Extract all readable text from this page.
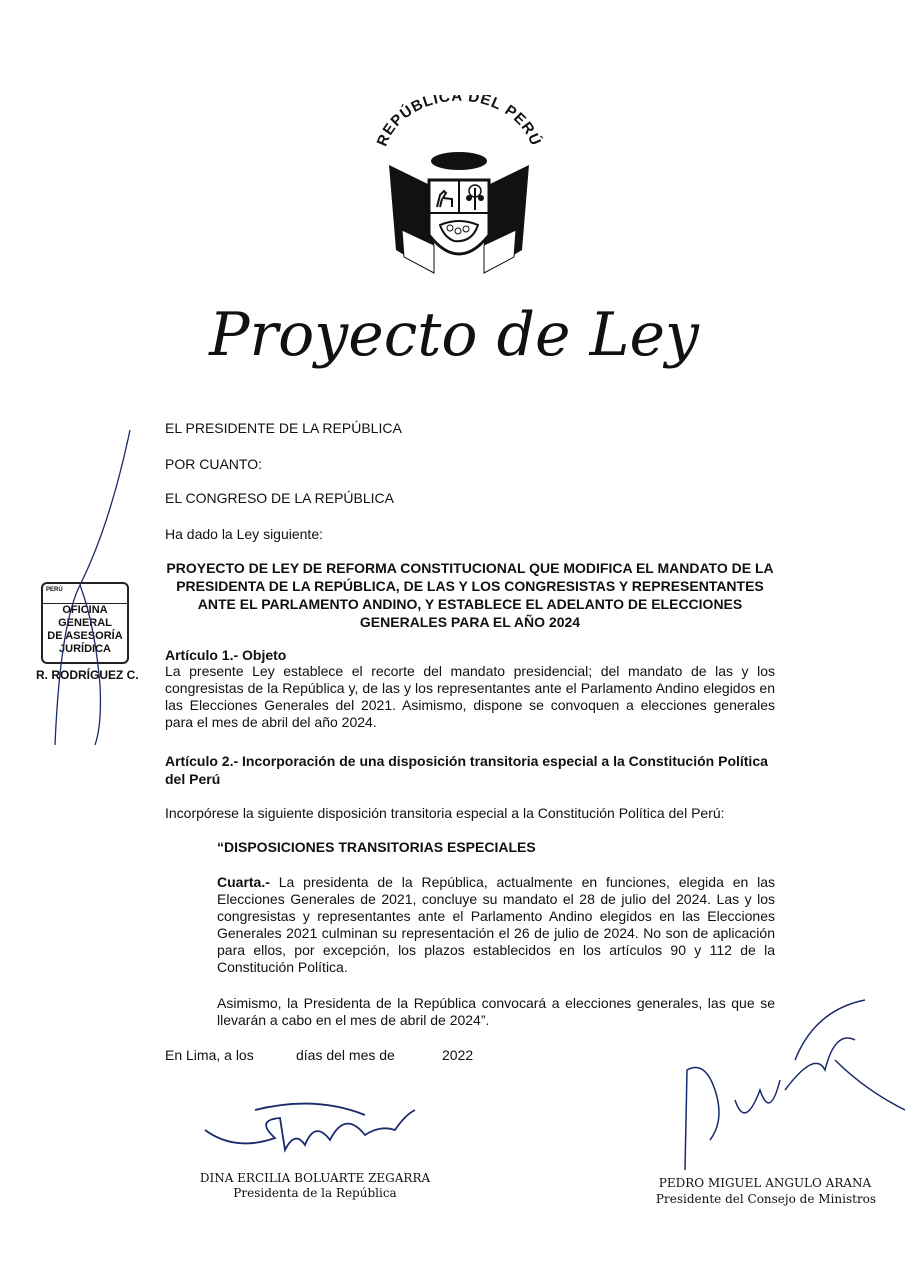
REPÚBLICA DEL PERÚ
Proyecto de Ley
EL PRESIDENTE DE LA REPÚBLICA
POR CUANTO:
EL CONGRESO DE LA REPÚBLICA
Ha dado la Ley siguiente:
PROYECTO DE LEY DE REFORMA CONSTITUCIONAL QUE MODIFICA EL MANDATO DE LA PRESIDENTA DE LA REPÚBLICA, DE LAS Y LOS CONGRESISTAS Y REPRESENTANTES ANTE EL PARLAMENTO ANDINO, Y ESTABLECE EL ADELANTO DE ELECCIONES GENERALES PARA EL AÑO 2024
Artículo 1.- Objeto
La presente Ley establece el recorte del mandato presidencial; del mandato de las y los congresistas de la República y, de las y los representantes ante el Parlamento Andino elegidos en las Elecciones Generales del 2021. Asimismo, dispone se convoquen a elecciones generales para el mes de abril del año 2024.
Artículo 2.- Incorporación de una disposición transitoria especial a la Constitución Política del Perú
Incorpórese la siguiente disposición transitoria especial a la Constitución Política del Perú:
“DISPOSICIONES TRANSITORIAS ESPECIALES
Cuarta.- La presidenta de la República, actualmente en funciones, elegida en las Elecciones Generales de 2021, concluye su mandato el 28 de julio del 2024. Las y los congresistas y representantes ante el Parlamento Andino elegidos en las Elecciones Generales 2021 culminan su representación el 26 de julio de 2024. No son de aplicación para ellos, por excepción, los plazos establecidos en los artículos 90 y 112 de la Constitución Política.
Asimismo, la Presidenta de la República convocará a elecciones generales, las que se llevarán a cabo en el mes de abril de 2024”.
En Lima, a los	días del mes de	2022
DINA ERCILIA BOLUARTE ZEGARRA
Presidenta de la República
PEDRO MIGUEL ANGULO ARANA
Presidente del Consejo de Ministros
PERÚ
OFICINA
GENERAL
DE ASESORÍA
JURÍDICA
R. RODRÍGUEZ C.
